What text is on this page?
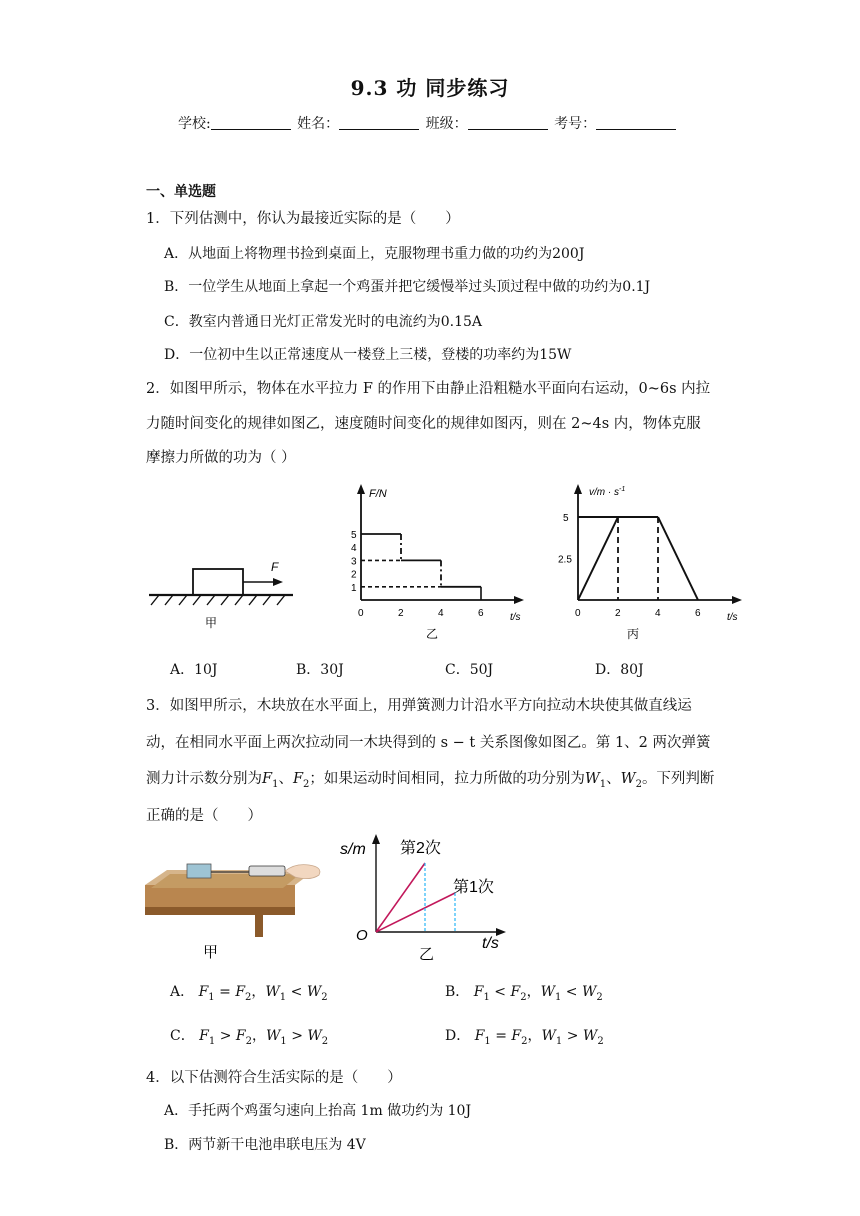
9.3 功 同步练习
学校:	姓名：	班级：	考号：
一、单选题
1．下列估测中，你认为最接近实际的是（　　）
A．从地面上将物理书捡到桌面上，克服物理书重力做的功约为200J
B．一位学生从地面上拿起一个鸡蛋并把它缓慢举过头顶过程中做的功约为0.1J
C．教室内普通日光灯正常发光时的电流约为0.15A
D．一位初中生以正常速度从一楼登上三楼，登楼的功率约为15W
2．如图甲所示，物体在水平拉力 F 的作用下由静止沿粗糙水平面向右运动，0~6s 内拉
力随时间变化的规律如图乙，速度随时间变化的规律如图丙，则在 2~4s 内，物体克服
摩擦力所做的功为（ ）
F
甲
F/N
t/s
1
2
3
4
5
0	2	4	6
乙
$v/m \cdot s^{-1}$
t/s
2.5
5
0	2	4	6
丙
A．10J	B．30J	C．50J	D．80J
3．如图甲所示，木块放在水平面上，用弹簧测力计沿水平方向拉动木块使其做直线运
动，在相同水平面上两次拉动同一木块得到的 s − t 关系图像如图乙。第 1、2 两次弹簧
测力计示数分别为$F_1$、$F_2$；如果运动时间相同，拉力所做的功分别为$W_1$、$W_2$。下列判断
正确的是（　　）
甲
s/m
t/s
O
第2次
第1次
乙
A． $F_1 = F_2$，$W_1 < W_2$	B． $F_1 < F_2$，$W_1 < W_2$
C． $F_1 > F_2$，$W_1 > W_2$	D． $F_1 = F_2$，$W_1 > W_2$
4．以下估测符合生活实际的是（　　）
A．手托两个鸡蛋匀速向上抬高 1m 做功约为 10J
B．两节新干电池串联电压为 4V
